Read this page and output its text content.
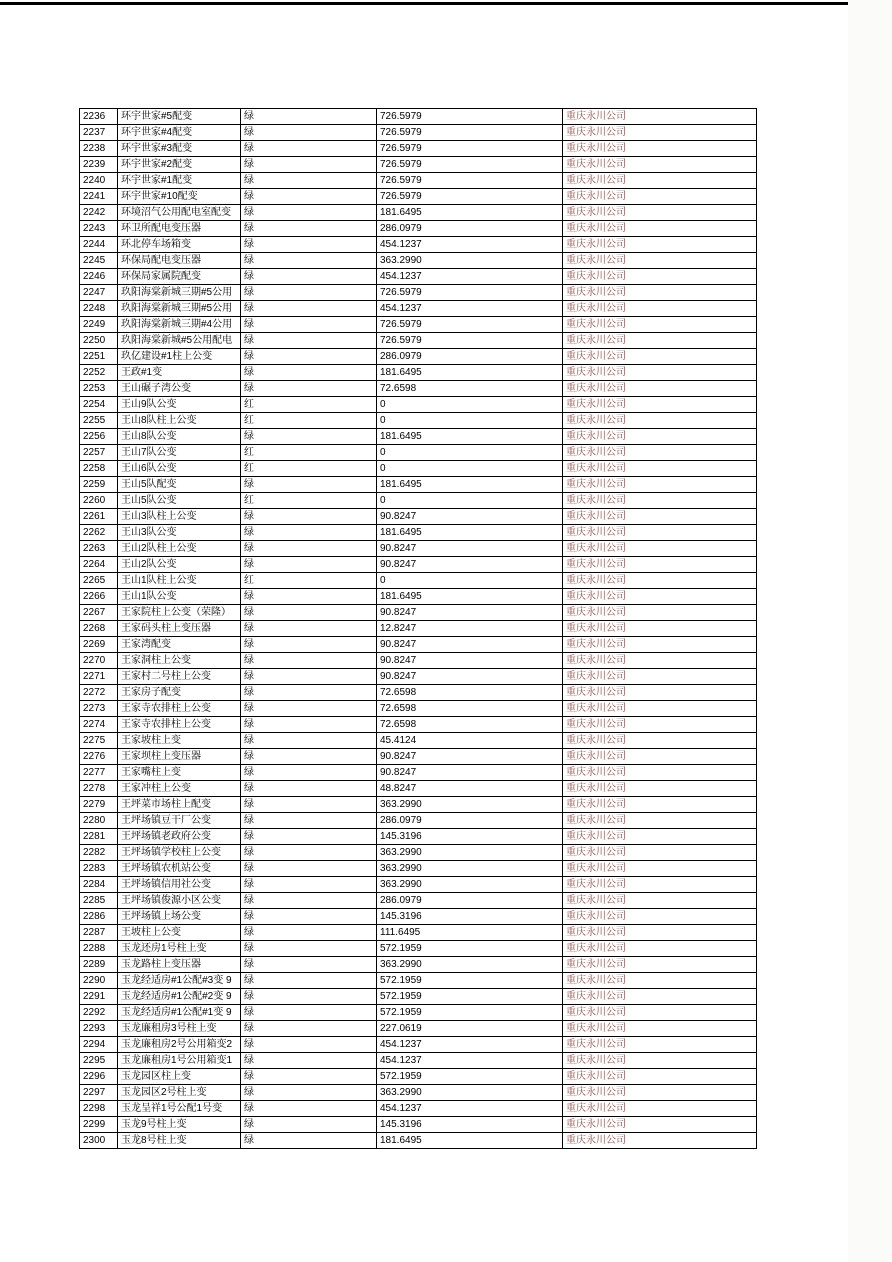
2236	环宇世家#5配变	绿	726.5979	重庆永川公司
2237	环宇世家#4配变	绿	726.5979	重庆永川公司
2238	环宇世家#3配变	绿	726.5979	重庆永川公司
2239	环宇世家#2配变	绿	726.5979	重庆永川公司
2240	环宇世家#1配变	绿	726.5979	重庆永川公司
2241	环宇世家#10配变	绿	726.5979	重庆永川公司
2242	环境沼气公用配电室配变	绿	181.6495	重庆永川公司
2243	环卫所配电变压器	绿	286.0979	重庆永川公司
2244	环北停车场箱变	绿	454.1237	重庆永川公司
2245	环保局配电变压器	绿	363.2990	重庆永川公司
2246	环保局家属院配变	绿	454.1237	重庆永川公司
2247	玖阳海棠新城三期#5公用	绿	726.5979	重庆永川公司
2248	玖阳海棠新城三期#5公用	绿	454.1237	重庆永川公司
2249	玖阳海棠新城三期#4公用	绿	726.5979	重庆永川公司
2250	玖阳海棠新城#5公用配电	绿	726.5979	重庆永川公司
2251	玖亿建设#1柱上公变	绿	286.0979	重庆永川公司
2252	王政#1变	绿	181.6495	重庆永川公司
2253	王山碾子湾公变	绿	72.6598	重庆永川公司
2254	王山9队公变	红	0	重庆永川公司
2255	王山8队柱上公变	红	0	重庆永川公司
2256	王山8队公变	绿	181.6495	重庆永川公司
2257	王山7队公变	红	0	重庆永川公司
2258	王山6队公变	红	0	重庆永川公司
2259	王山5队配变	绿	181.6495	重庆永川公司
2260	王山5队公变	红	0	重庆永川公司
2261	王山3队柱上公变	绿	90.8247	重庆永川公司
2262	王山3队公变	绿	181.6495	重庆永川公司
2263	王山2队柱上公变	绿	90.8247	重庆永川公司
2264	王山2队公变	绿	90.8247	重庆永川公司
2265	王山1队柱上公变	红	0	重庆永川公司
2266	王山1队公变	绿	181.6495	重庆永川公司
2267	王家院柱上公变（荣隆）	绿	90.8247	重庆永川公司
2268	王家码头柱上变压器	绿	12.8247	重庆永川公司
2269	王家湾配变	绿	90.8247	重庆永川公司
2270	王家洞柱上公变	绿	90.8247	重庆永川公司
2271	王家村二号柱上公变	绿	90.8247	重庆永川公司
2272	王家房子配变	绿	72.6598	重庆永川公司
2273	王家寺农排柱上公变	绿	72.6598	重庆永川公司
2274	王家寺农排柱上公变	绿	72.6598	重庆永川公司
2275	王家坡柱上变	绿	45.4124	重庆永川公司
2276	王家坝柱上变压器	绿	90.8247	重庆永川公司
2277	王家嘴柱上变	绿	90.8247	重庆永川公司
2278	王家冲柱上公变	绿	48.8247	重庆永川公司
2279	王坪菜市场柱上配变	绿	363.2990	重庆永川公司
2280	王坪场镇豆干厂公变	绿	286.0979	重庆永川公司
2281	王坪场镇老政府公变	绿	145.3196	重庆永川公司
2282	王坪场镇学校柱上公变	绿	363.2990	重庆永川公司
2283	王坪场镇农机站公变	绿	363.2990	重庆永川公司
2284	王坪场镇信用社公变	绿	363.2990	重庆永川公司
2285	王坪场镇俊源小区公变	绿	286.0979	重庆永川公司
2286	王坪场镇上场公变	绿	145.3196	重庆永川公司
2287	王坡柱上公变	绿	111.6495	重庆永川公司
2288	玉龙还房1号柱上变	绿	572.1959	重庆永川公司
2289	玉龙路柱上变压器	绿	363.2990	重庆永川公司
2290	玉龙经适房#1公配#3变 9	绿	572.1959	重庆永川公司
2291	玉龙经适房#1公配#2变 9	绿	572.1959	重庆永川公司
2292	玉龙经适房#1公配#1变 9	绿	572.1959	重庆永川公司
2293	玉龙廉租房3号柱上变	绿	227.0619	重庆永川公司
2294	玉龙廉租房2号公用箱变2	绿	454.1237	重庆永川公司
2295	玉龙廉租房1号公用箱变1	绿	454.1237	重庆永川公司
2296	玉龙园区柱上变	绿	572.1959	重庆永川公司
2297	玉龙园区2号柱上变	绿	363.2990	重庆永川公司
2298	玉龙呈祥1号公配1号变	绿	454.1237	重庆永川公司
2299	玉龙9号柱上变	绿	145.3196	重庆永川公司
2300	玉龙8号柱上变	绿	181.6495	重庆永川公司
